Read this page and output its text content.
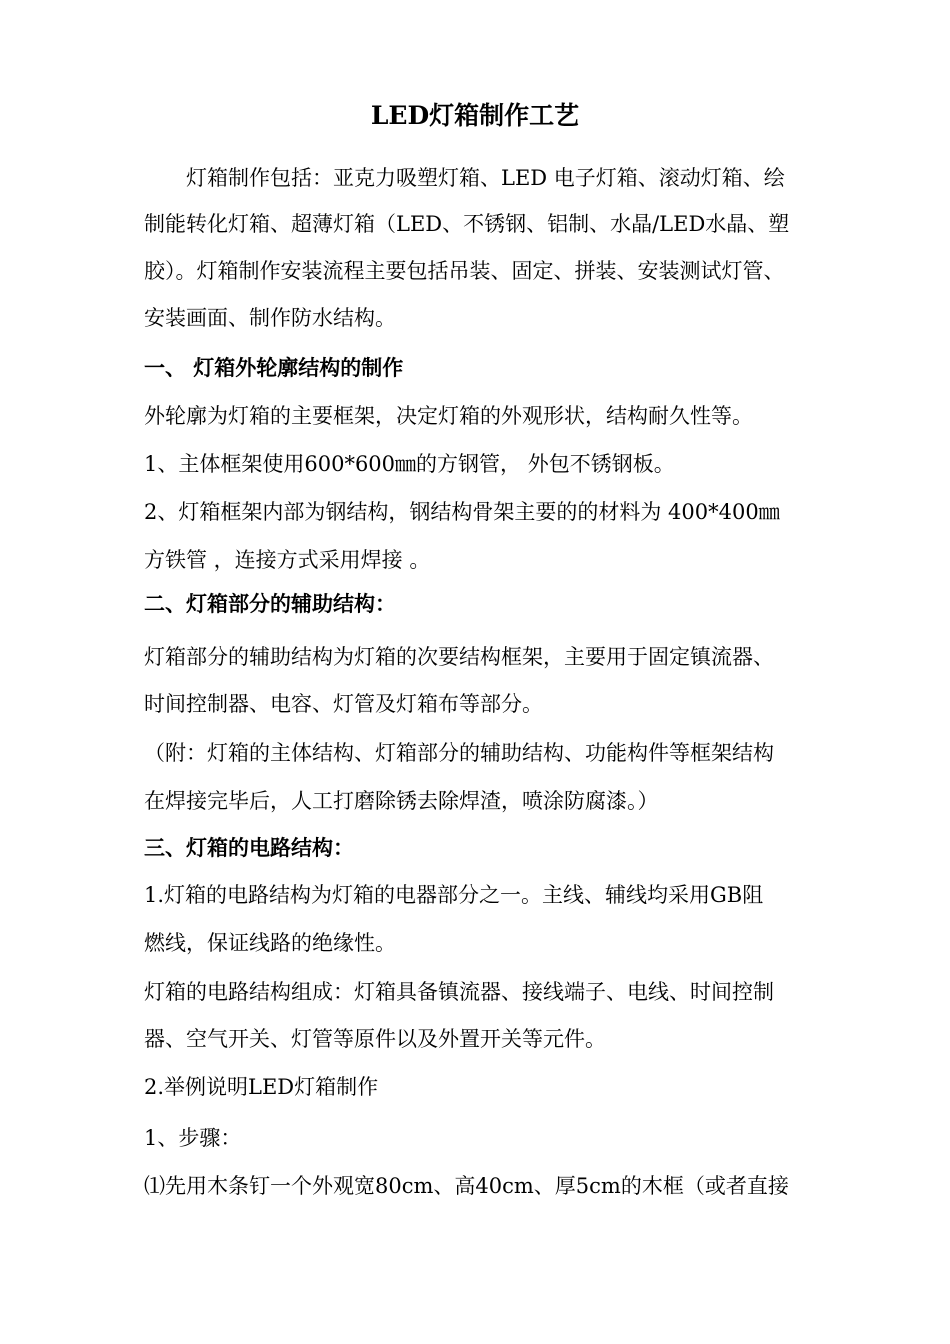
LED灯箱制作工艺
灯箱制作包括：亚克力吸塑灯箱、LED 电子灯箱、滚动灯箱、绘
制能转化灯箱、超薄灯箱（LED、不锈钢、铝制、水晶/LED水晶、塑
胶）。灯箱制作安装流程主要包括吊装、固定、拼装、安装测试灯管、
安装画面、制作防水结构。
一、 灯箱外轮廓结构的制作
外轮廓为灯箱的主要框架，决定灯箱的外观形状，结构耐久性等。
1、主体框架使用600*600㎜的方钢管， 外包不锈钢板。
2、灯箱框架内部为钢结构，钢结构骨架主要的的材料为 400*400㎜
方铁管 ，连接方式采用焊接 。
二、灯箱部分的辅助结构：
灯箱部分的辅助结构为灯箱的次要结构框架，主要用于固定镇流器、
时间控制器、电容、灯管及灯箱布等部分。
（附：灯箱的主体结构、灯箱部分的辅助结构、功能构件等框架结构
在焊接完毕后，人工打磨除锈去除焊渣，喷涂防腐漆。）
三、灯箱的电路结构：
1.灯箱的电路结构为灯箱的电器部分之一。主线、辅线均采用GB阻
燃线，保证线路的绝缘性。
灯箱的电路结构组成：灯箱具备镇流器、接线端子、电线、时间控制
器、空气开关、灯管等原件以及外置开关等元件。
2.举例说明LED灯箱制作
1、步骤：
⑴先用木条钉一个外观宽80cm、高40cm、厚5cm的木框（或者直接
